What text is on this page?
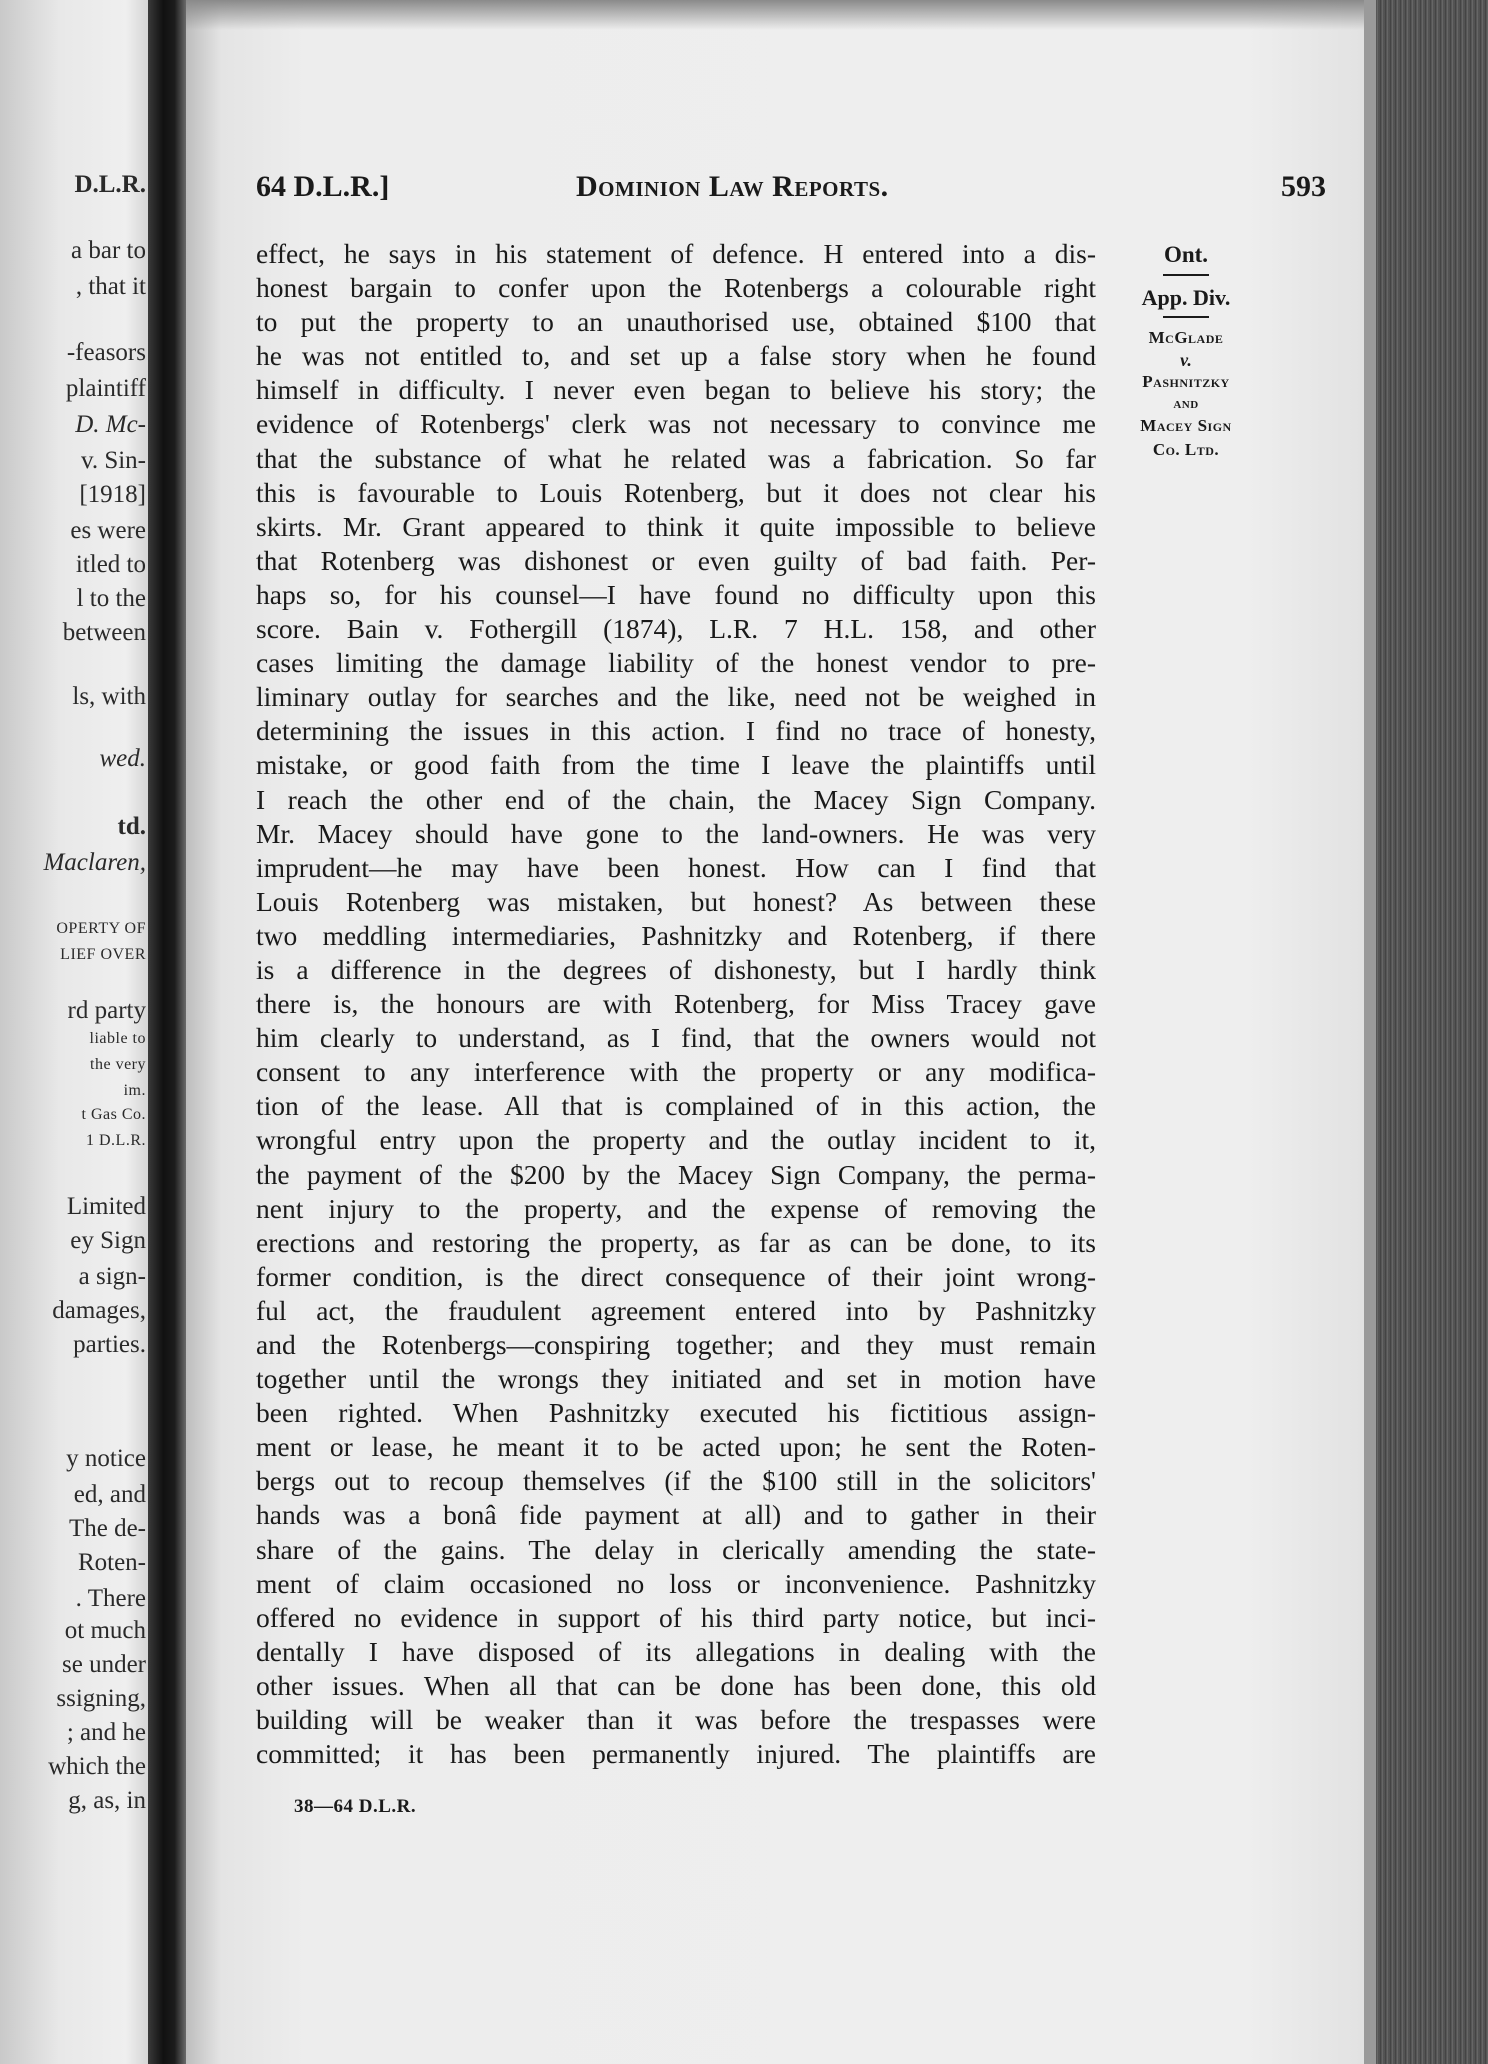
D.L.R.
a bar to
, that it
-feasors
plaintiff
D. Mc-
v. Sin-
[1918]
es were
itled to
l to the
between
ls, with
wed.
td.
Maclaren,
OPERTY OF
LIEF OVER
rd party
liable to
the very
im.
t Gas Co.
1 D.L.R.
Limited
ey Sign
a sign-
damages,
parties.
y notice
ed, and
The de-
Roten-
. There
ot much
se under
ssigning,
; and he
which the
g, as, in
64 D.L.R.]	Dominion Law Reports.	593
effect, he says in his statement of defence. H entered into a dis-
honest bargain to confer upon the Rotenbergs a colourable right
to put the property to an unauthorised use, obtained $100 that
he was not entitled to, and set up a false story when he found
himself in difficulty. I never even began to believe his story; the
evidence of Rotenbergs' clerk was not necessary to convince me
that the substance of what he related was a fabrication. So far
this is favourable to Louis Rotenberg, but it does not clear his
skirts. Mr. Grant appeared to think it quite impossible to believe
that Rotenberg was dishonest or even guilty of bad faith. Per-
haps so, for his counsel—I have found no difficulty upon this
score. Bain v. Fothergill (1874), L.R. 7 H.L. 158, and other
cases limiting the damage liability of the honest vendor to pre-
liminary outlay for searches and the like, need not be weighed in
determining the issues in this action. I find no trace of honesty,
mistake, or good faith from the time I leave the plaintiffs until
I reach the other end of the chain, the Macey Sign Company.
Mr. Macey should have gone to the land-owners. He was very
imprudent—he may have been honest. How can I find that
Louis Rotenberg was mistaken, but honest? As between these
two meddling intermediaries, Pashnitzky and Rotenberg, if there
is a difference in the degrees of dishonesty, but I hardly think
there is, the honours are with Rotenberg, for Miss Tracey gave
him clearly to understand, as I find, that the owners would not
consent to any interference with the property or any modifica-
tion of the lease. All that is complained of in this action, the
wrongful entry upon the property and the outlay incident to it,
the payment of the $200 by the Macey Sign Company, the perma-
nent injury to the property, and the expense of removing the
erections and restoring the property, as far as can be done, to its
former condition, is the direct consequence of their joint wrong-
ful act, the fraudulent agreement entered into by Pashnitzky
and the Rotenbergs—conspiring together; and they must remain
together until the wrongs they initiated and set in motion have
been righted. When Pashnitzky executed his fictitious assign-
ment or lease, he meant it to be acted upon; he sent the Roten-
bergs out to recoup themselves (if the $100 still in the solicitors'
hands was a bonâ fide payment at all) and to gather in their
share of the gains. The delay in clerically amending the state-
ment of claim occasioned no loss or inconvenience. Pashnitzky
offered no evidence in support of his third party notice, but inci-
dentally I have disposed of its allegations in dealing with the
other issues. When all that can be done has been done, this old
building will be weaker than it was before the trespasses were
committed; it has been permanently injured. The plaintiffs are
Ont.
App. Div.
McGlade
v.
Pashnitzky
and
Macey Sign
Co. Ltd.
38—64 D.L.R.
